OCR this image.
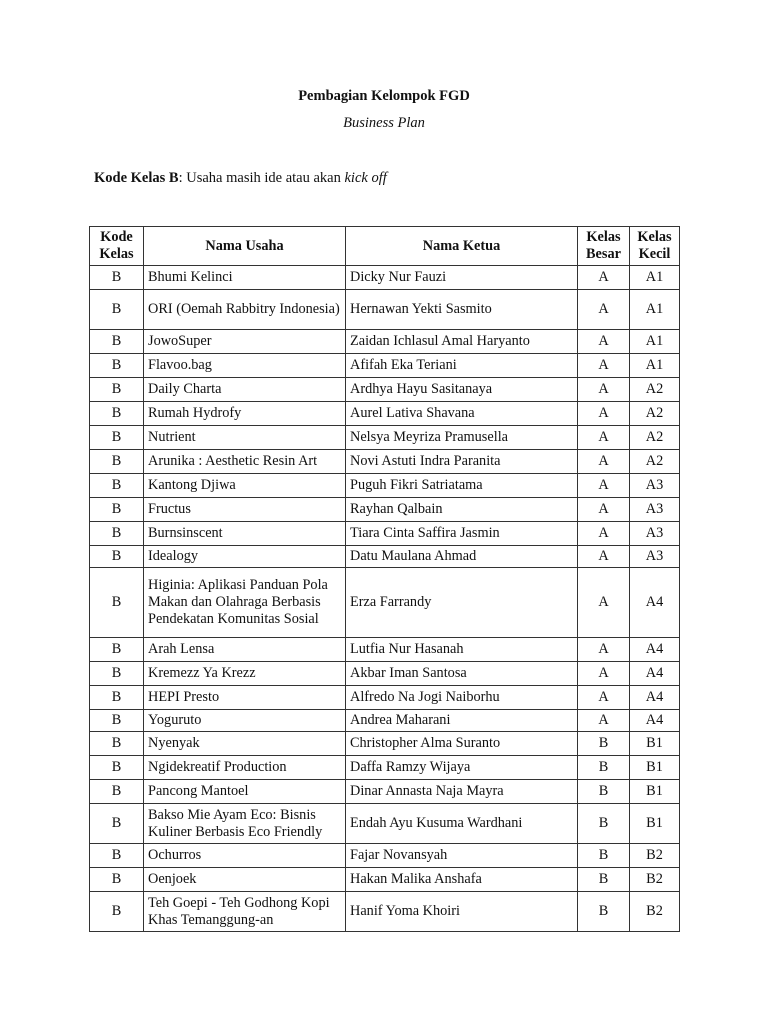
Pembagian Kelompok FGD
Business Plan
Kode Kelas B: Usaha masih ide atau akan kick off
Kode Kelas	Nama Usaha	Nama Ketua	Kelas Besar	Kelas Kecil
B	Bhumi Kelinci	Dicky Nur Fauzi	A	A1
B	ORI (Oemah Rabbitry Indonesia)	Hernawan Yekti Sasmito	A	A1
B	JowoSuper	Zaidan Ichlasul Amal Haryanto	A	A1
B	Flavoo.bag	Afifah Eka Teriani	A	A1
B	Daily Charta	Ardhya Hayu Sasitanaya	A	A2
B	Rumah Hydrofy	Aurel Lativa Shavana	A	A2
B	Nutrient	Nelsya Meyriza Pramusella	A	A2
B	Arunika : Aesthetic Resin Art	Novi Astuti Indra Paranita	A	A2
B	Kantong Djiwa	Puguh Fikri Satriatama	A	A3
B	Fructus	Rayhan Qalbain	A	A3
B	Burnsinscent	Tiara Cinta Saffira Jasmin	A	A3
B	Idealogy	Datu Maulana Ahmad	A	A3
B	Higinia: Aplikasi Panduan Pola Makan dan Olahraga Berbasis Pendekatan Komunitas Sosial	Erza Farrandy	A	A4
B	Arah Lensa	Lutfia Nur Hasanah	A	A4
B	Kremezz Ya Krezz	Akbar Iman Santosa	A	A4
B	HEPI Presto	Alfredo Na Jogi Naiborhu	A	A4
B	Yoguruto	Andrea Maharani	A	A4
B	Nyenyak	Christopher Alma Suranto	B	B1
B	Ngidekreatif Production	Daffa Ramzy Wijaya	B	B1
B	Pancong Mantoel	Dinar Annasta Naja Mayra	B	B1
B	Bakso Mie Ayam Eco: Bisnis Kuliner Berbasis Eco Friendly	Endah Ayu Kusuma Wardhani	B	B1
B	Ochurros	Fajar Novansyah	B	B2
B	Oenjoek	Hakan Malika Anshafa	B	B2
B	Teh Goepi - Teh Godhong Kopi Khas Temanggung-an	Hanif Yoma Khoiri	B	B2
